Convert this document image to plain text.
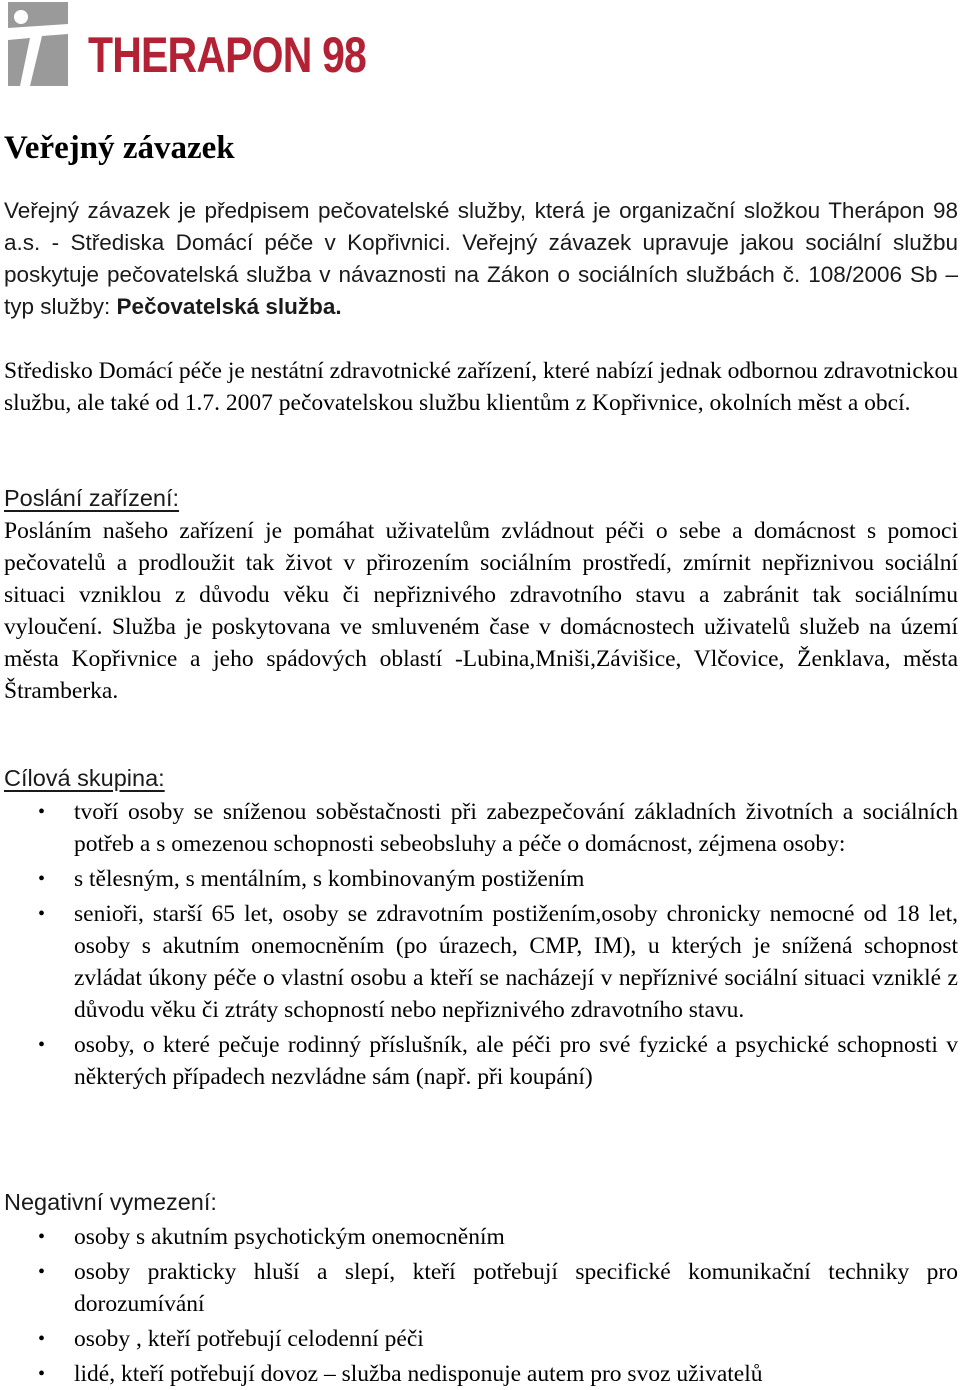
THERAPON 98
Veřejný závazek

Veřejný závazek je předpisem pečovatelské služby, která je organizační složkou Therápon 98 a.s. - Střediska Domácí péče v Kopřivnici. Veřejný závazek upravuje jakou sociální službu poskytuje pečovatelská služba v návaznosti na Zákon o sociálních službách č. 108/2006 Sb – typ služby: Pečovatelská služba.

Středisko Domácí péče je nestátní zdravotnické zařízení, které nabízí jednak odbornou zdravotnickou službu, ale také od 1.7. 2007 pečovatelskou službu klientům z Kopřivnice, okolních měst a obcí.

Poslání zařízení:

Posláním našeho zařízení je pomáhat uživatelům zvládnout péči o sebe a domácnost s pomoci pečovatelů a prodloužit tak život v přirozením sociálním prostředí, zmírnit nepřiznivou sociální situaci vzniklou z důvodu věku či nepřiznivého zdravotního stavu a zabránit tak sociálnímu vyloučení. Služba je poskytovana ve smluveném čase v domácnostech uživatelů služeb na území města Kopřivnice a jeho spádových oblastí -Lubina,Mniši,Závišice, Vlčovice, Ženklava, města Štramberka.

Cílová skupina:

• tvoří osoby se sníženou soběstačnosti při zabezpečování základních životních a sociálních potřeb a s omezenou schopnosti sebeobsluhy a péče o domácnost, zéjmena osoby:
• s tělesným, s mentálním, s kombinovaným postižením
• senioři, starší 65 let, osoby se zdravotním postižením,osoby chronicky nemocné od 18 let, osoby s akutním onemocněním (po úrazech, CMP, IM), u kterých je snížená schopnost zvládat úkony péče o vlastní osobu a kteří se nacházejí v nepříznivé sociální situaci vzniklé z důvodu věku či ztráty schopností nebo nepřiznivého zdravotního stavu.
• osoby, o které pečuje rodinný příslušník, ale péči pro své fyzické a psychické schopnosti v některých případech nezvládne sám (např. při koupání)

Negativní vymezení:

• osoby s akutním psychotickým onemocněním
• osoby prakticky hluší a slepí, kteří potřebují specifické komunikační techniky pro dorozumívání
• osoby , kteří potřebují celodenní péči
• lidé, kteří potřebují dovoz – služba nedisponuje autem pro svoz uživatelů
